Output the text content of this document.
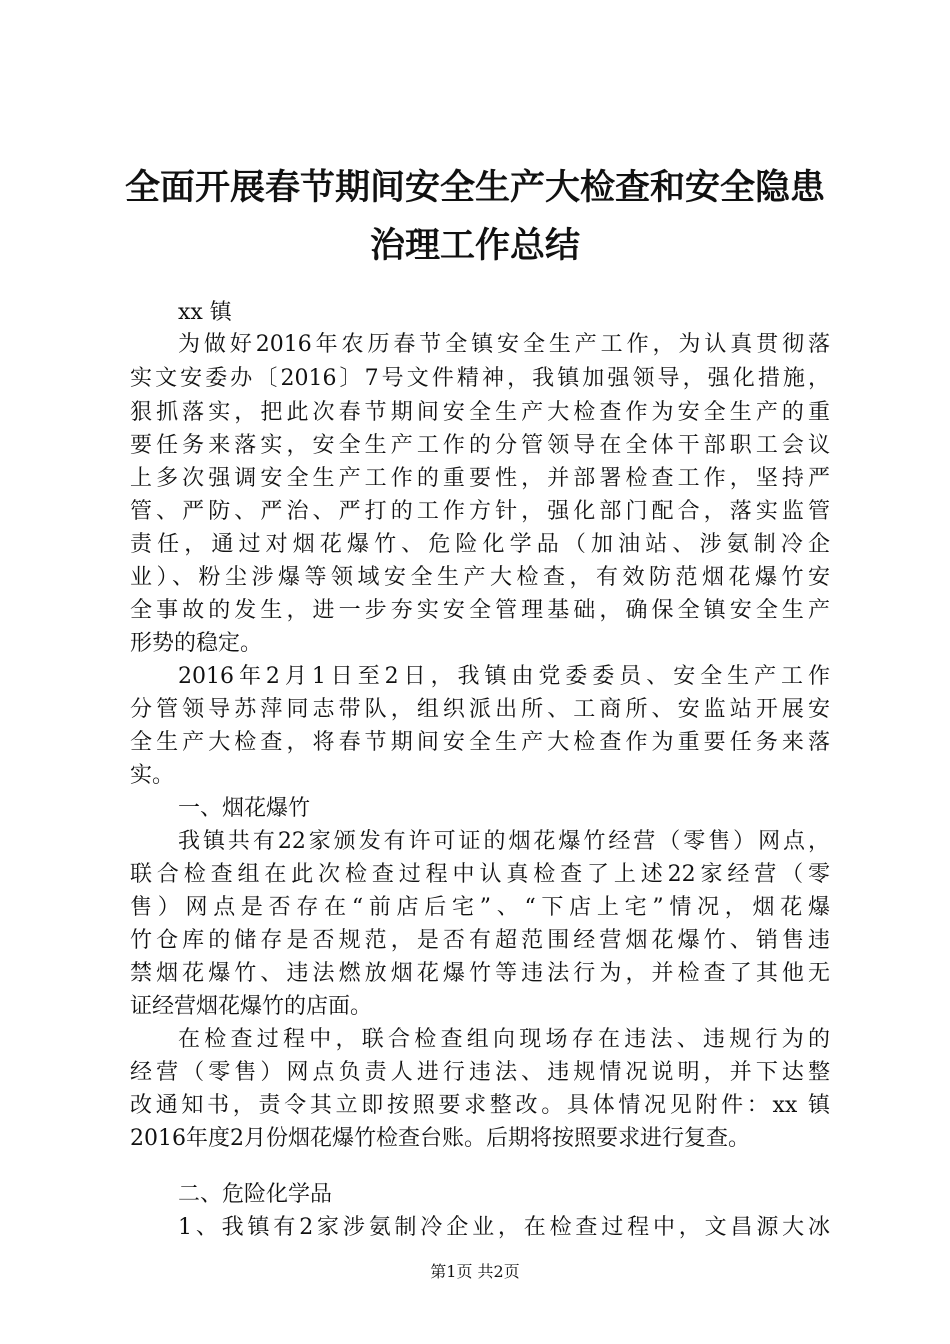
全面开展春节期间安全生产大检查和安全隐患
治理工作总结
xx 镇
为做好2016年农历春节全镇安全生产工作，为认真贯彻落
实文安委办〔2016〕7号文件精神，我镇加强领导，强化措施，
狠抓落实，把此次春节期间安全生产大检查作为安全生产的重
要任务来落实，安全生产工作的分管领导在全体干部职工会议
上多次强调安全生产工作的重要性，并部署检查工作，坚持严
管、严防、严治、严打的工作方针，强化部门配合，落实监管
责任，通过对烟花爆竹、危险化学品（加油站、涉氨制冷企
业）、粉尘涉爆等领域安全生产大检查，有效防范烟花爆竹安
全事故的发生，进一步夯实安全管理基础，确保全镇安全生产
形势的稳定。
2016年2月1日至2日，我镇由党委委员、安全生产工作
分管领导苏萍同志带队，组织派出所、工商所、安监站开展安
全生产大检查，将春节期间安全生产大检查作为重要任务来落
实。
一、烟花爆竹
我镇共有22家颁发有许可证的烟花爆竹经营（零售）网点，
联合检查组在此次检查过程中认真检查了上述22家经营（零
售）网点是否存在“前店后宅”、“下店上宅”情况，烟花爆
竹仓库的储存是否规范，是否有超范围经营烟花爆竹、销售违
禁烟花爆竹、违法燃放烟花爆竹等违法行为，并检查了其他无
证经营烟花爆竹的店面。
在检查过程中，联合检查组向现场存在违法、违规行为的
经营（零售）网点负责人进行违法、违规情况说明，并下达整
改通知书，责令其立即按照要求整改。具体情况见附件：xx 镇
2016年度2月份烟花爆竹检查台账。后期将按照要求进行复查。
二、危险化学品
1、我镇有2家涉氨制冷企业，在检查过程中，文昌源大冰
第1页 共2页
